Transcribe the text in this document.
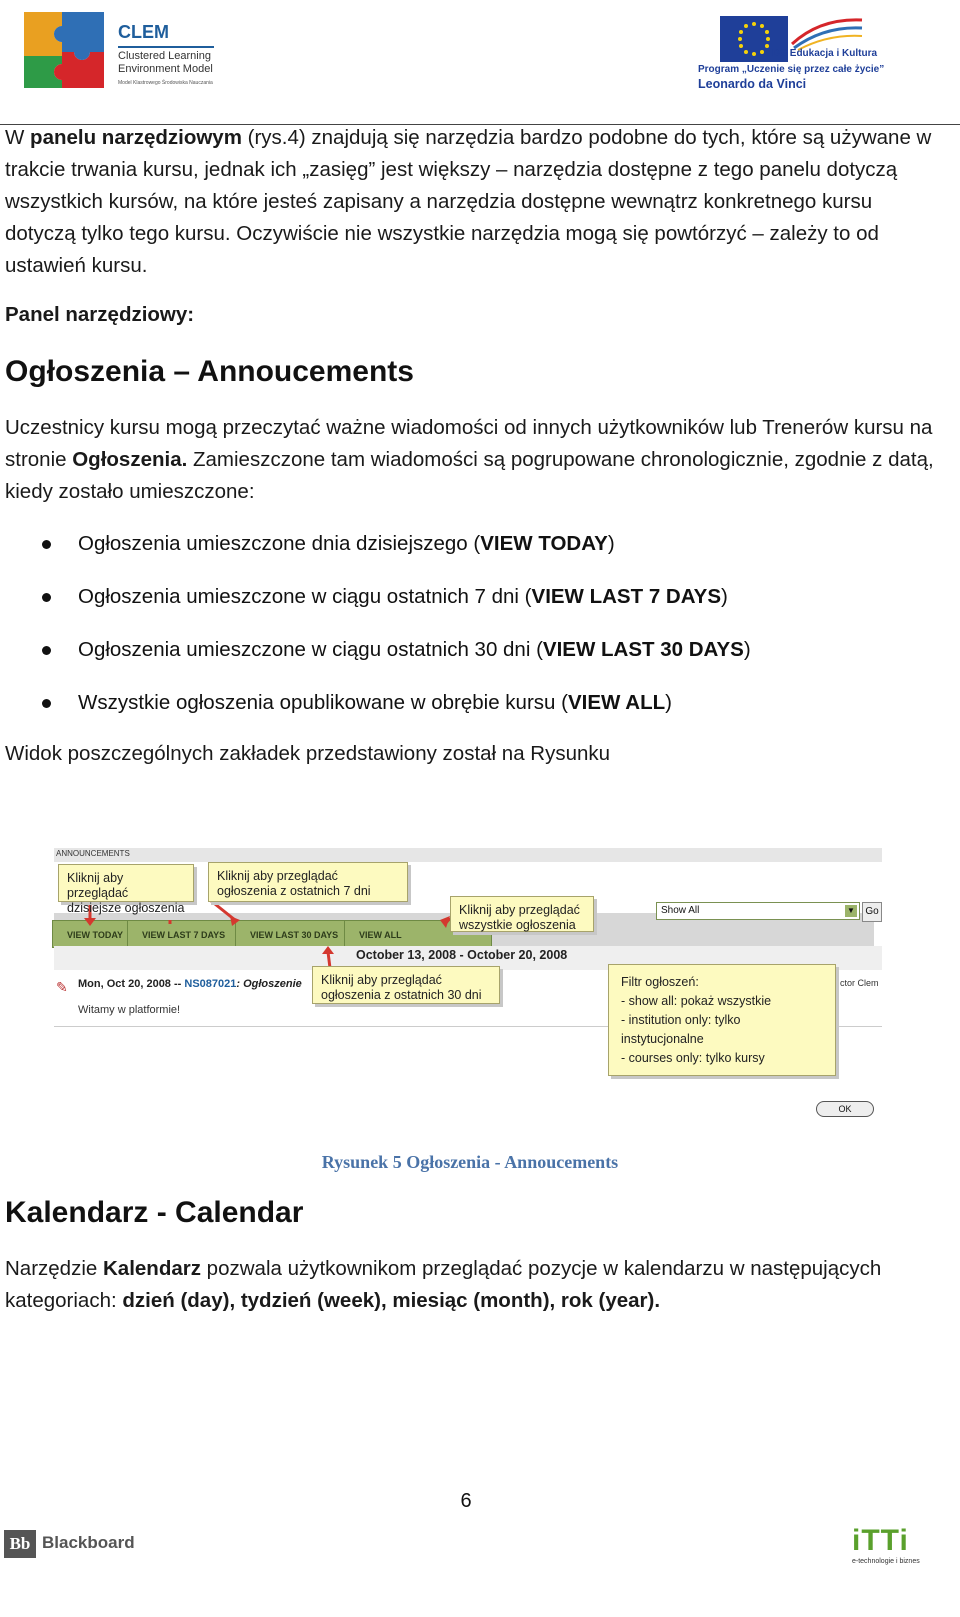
CLEM
Clustered Learning
Environment Model
Model Klastrowego Środowiska Nauczania
DG Edukacja i Kultura
Program „Uczenie się przez całe życie”
Leonardo da Vinci
W panelu narzędziowym (rys.4) znajdują się narzędzia bardzo podobne do tych, które są używane w trakcie trwania kursu, jednak ich „zasięg” jest większy – narzędzia dostępne z tego panelu dotyczą wszystkich kursów, na które jesteś zapisany a narzędzia dostępne wewnątrz konkretnego kursu dotyczą tylko tego kursu. Oczywiście nie wszystkie narzędzia mogą się powtórzyć – zależy to od ustawień kursu.
Panel narzędziowy:
Ogłoszenia – Annoucements
Uczestnicy kursu mogą przeczytać ważne wiadomości od innych użytkowników lub Trenerów kursu na stronie Ogłoszenia. Zamieszczone tam wiadomości są pogrupowane chronologicznie, zgodnie z datą, kiedy zostało umieszczone:
Ogłoszenia umieszczone dnia dzisiejszego (VIEW TODAY)
Ogłoszenia umieszczone w ciągu ostatnich 7 dni (VIEW LAST 7 DAYS)
Ogłoszenia umieszczone w ciągu ostatnich 30 dni (VIEW LAST 30 DAYS)
Wszystkie ogłoszenia opublikowane w obrębie kursu (VIEW ALL)
Widok poszczególnych zakładek przedstawiony został na Rysunku
ANNOUNCEMENTS
VIEW TODAY	VIEW LAST 7 DAYS	VIEW LAST 30 DAYS	VIEW ALL
Show All	▼	Go
October 13, 2008 - October 20, 2008
✎ Mon, Oct 20, 2008 -- NS087021: Ogłoszenie	ctor Clem
Witamy w platformie!
OK
Kliknij aby przeglądać dzisiejsze ogłoszenia
Kliknij aby przeglądać ogłoszenia z ostatnich 7 dni
Kliknij aby przeglądać wszystkie ogłoszenia
Kliknij aby przeglądać ogłoszenia z ostatnich 30 dni
Filtr ogłoszeń:
- show all: pokaż wszystkie
- institution only: tylko instytucjonalne
- courses only: tylko kursy
Rysunek 5 Ogłoszenia - Annoucements
Kalendarz - Calendar
Narzędzie Kalendarz pozwala użytkownikom przeglądać pozycje w kalendarzu w następujących kategoriach: dzień (day), tydzień (week), miesiąc (month), rok (year).
6
Bb Blackboard	iTTi
e-technologie i biznes
